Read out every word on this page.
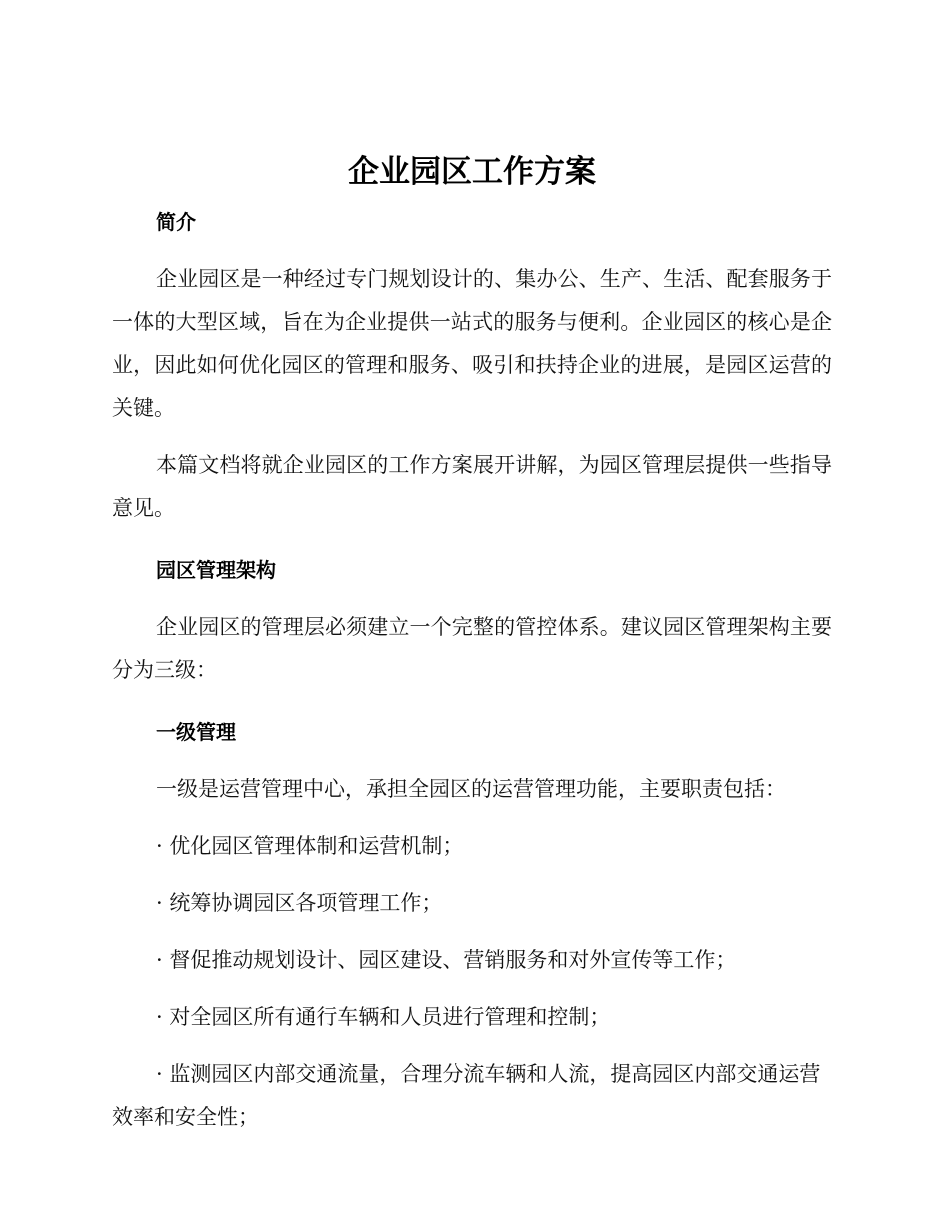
企业园区工作方案
简介

企业园区是一种经过专门规划设计的、集办公、生产、生活、配套服务于一体的大型区域，旨在为企业提供一站式的服务与便利。企业园区的核心是企业，因此如何优化园区的管理和服务、吸引和扶持企业的进展，是园区运营的关键。

本篇文档将就企业园区的工作方案展开讲解，为园区管理层提供一些指导意见。

园区管理架构

企业园区的管理层必须建立一个完整的管控体系。建议园区管理架构主要分为三级：

一级管理

一级是运营管理中心，承担全园区的运营管理功能，主要职责包括：

· 优化园区管理体制和运营机制；

· 统筹协调园区各项管理工作；

· 督促推动规划设计、园区建设、营销服务和对外宣传等工作；

· 对全园区所有通行车辆和人员进行管理和控制；

· 监测园区内部交通流量，合理分流车辆和人流，提高园区内部交通运营效率和安全性；
